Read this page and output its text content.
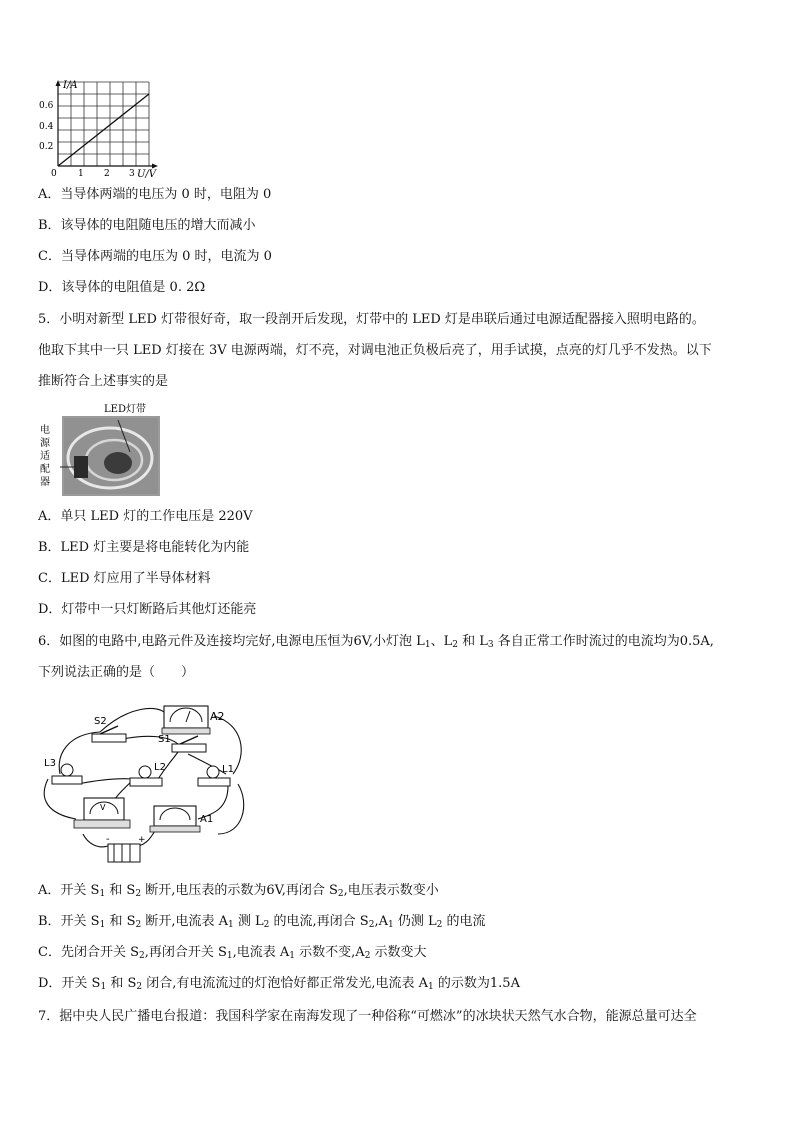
I/A
U/V
0.6
0.4
0.2
0 1 2 3
A．当导体两端的电压为 0 时，电阻为 0
B．该导体的电阻随电压的增大而减小
C．当导体两端的电压为 0 时，电流为 0
D．该导体的电阻值是 0. 2Ω
5．小明对新型 LED 灯带很好奇，取一段剖开后发现，灯带中的 LED 灯是串联后通过电源适配器接入照明电路的。
他取下其中一只 LED 灯接在 3V 电源两端，灯不亮，对调电池正负极后亮了，用手试摸，点亮的灯几乎不发热。以下
推断符合上述事实的是
LED灯带
电
源
适
配
器
A．单只 LED 灯的工作电压是 220V
B．LED 灯主要是将电能转化为内能
C．LED 灯应用了半导体材料
D．灯带中一只灯断路后其他灯还能亮
6．如图的电路中,电路元件及连接均完好,电源电压恒为6V,小灯泡 $L_1$、$L_2$ 和 $L_3$ 各自正常工作时流过的电流均为0.5A,
下列说法正确的是（　　）
A2
S2
S1
L3	L2	L1
V
A1
-	+
A．开关 $S_1$ 和 $S_2$ 断开,电压表的示数为6V,再闭合 $S_2$,电压表示数变小
B．开关 $S_1$ 和 $S_2$ 断开,电流表 $A_1$ 测 $L_2$ 的电流,再闭合 $S_2,A_1$ 仍测 $L_2$ 的电流
C．先闭合开关 $S_2$,再闭合开关 $S_1$,电流表 $A_1$ 示数不变$,A_2$ 示数变大
D．开关 $S_1$ 和 $S_2$ 闭合,有电流流过的灯泡恰好都正常发光,电流表 $A_1$ 的示数为1.5A
7．据中央人民广播电台报道：我国科学家在南海发现了一种俗称“可燃冰”的冰块状天然气水合物，能源总量可达全
